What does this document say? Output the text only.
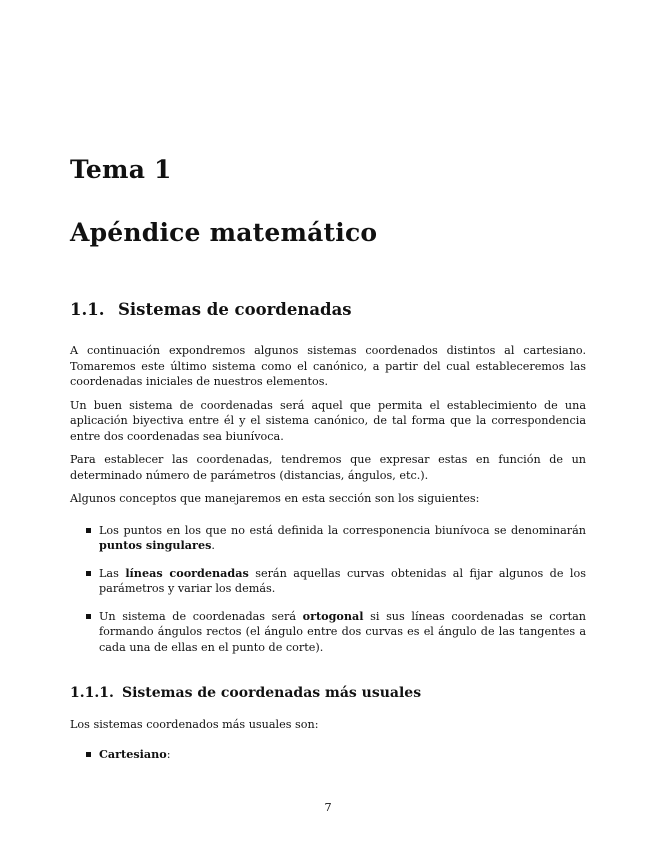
Tema 1
Apéndice matemático
1.1. Sistemas de coordenadas

A continuación expondremos algunos sistemas coordenados distintos al cartesiano. Tomaremos este último sistema como el canónico, a partir del cual estableceremos las coordenadas iniciales de nuestros elementos.

Un buen sistema de coordenadas será aquel que permita el establecimiento de una aplicación biyectiva entre él y el sistema canónico, de tal forma que la correspondencia entre dos coordenadas sea biunívoca.

Para establecer las coordenadas, tendremos que expresar estas en función de un determinado número de parámetros (distancias, ángulos, etc.).

Algunos conceptos que manejaremos en esta sección son los siguientes:

Los puntos en los que no está definida la corresponencia biunívoca se denominarán puntos singulares.
Las líneas coordenadas serán aquellas curvas obtenidas al fijar algunos de los parámetros y variar los demás.
Un sistema de coordenadas será ortogonal si sus líneas coordenadas se cortan formando ángulos rectos (el ángulo entre dos curvas es el ángulo de las tangentes a cada una de ellas en el punto de corte).
1.1.1. Sistemas de coordenadas más usuales

Los sistemas coordenados más usuales son:

Cartesiano:
7
